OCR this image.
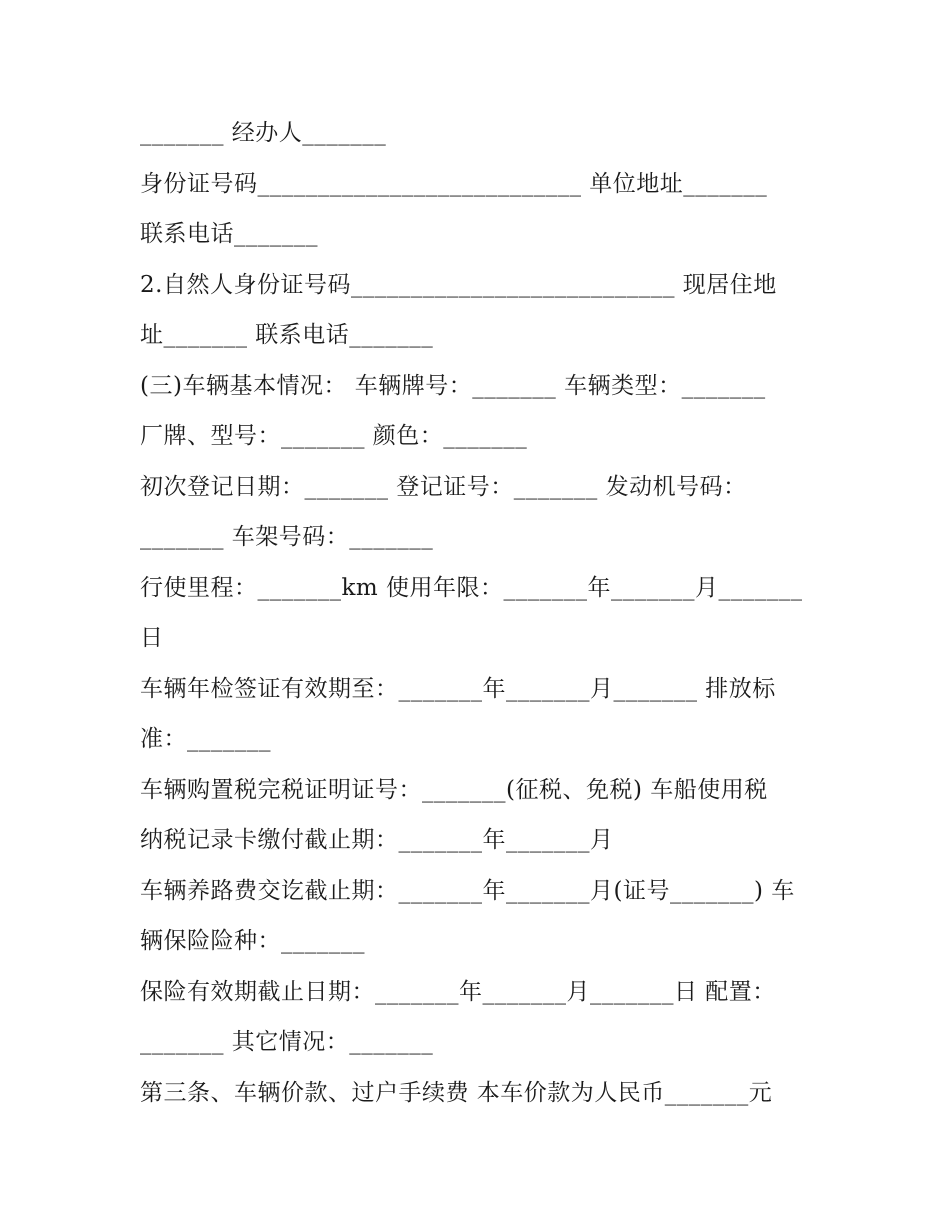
_______ 经办人_______
身份证号码___________________________ 单位地址_______
联系电话_______
2.自然人身份证号码___________________________ 现居住地
址_______ 联系电话_______
(三)车辆基本情况： 车辆牌号：_______ 车辆类型：_______
厂牌、型号：_______ 颜色：_______
初次登记日期：_______ 登记证号：_______ 发动机号码：
_______ 车架号码：_______
行使里程：_______km 使用年限：_______年_______月_______
日
车辆年检签证有效期至：_______年_______月_______ 排放标
准：_______
车辆购置税完税证明证号：_______(征税、免税) 车船使用税
纳税记录卡缴付截止期：_______年_______月
车辆养路费交讫截止期：_______年_______月(证号_______) 车
辆保险险种：_______
保险有效期截止日期：_______年_______月_______日 配置：
_______ 其它情况：_______
第三条、车辆价款、过户手续费 本车价款为人民币_______元
